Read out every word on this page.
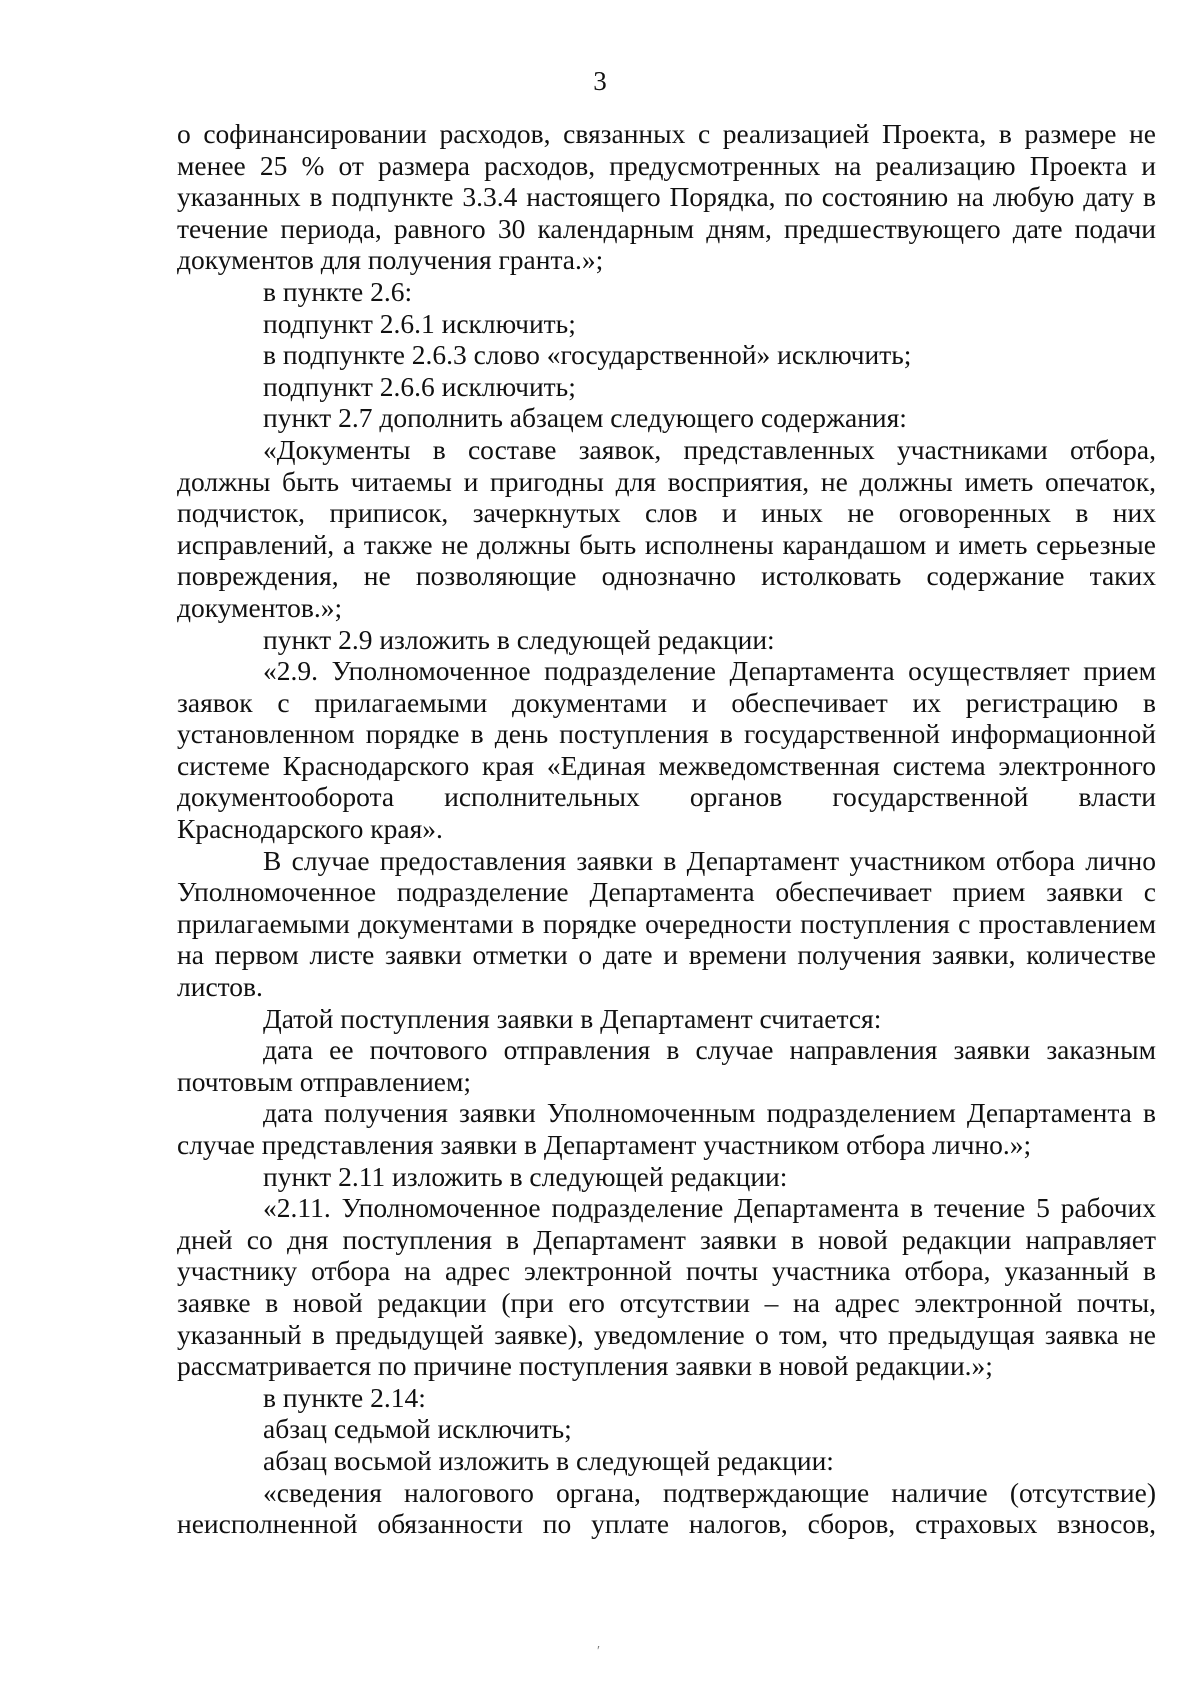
3

о софинансировании расходов, связанных с реализацией Проекта, в размере не менее 25 % от размера расходов, предусмотренных на реализацию Проекта и указанных в подпункте 3.3.4 настоящего Порядка, по состоянию на любую дату в течение периода, равного 30 календарным дням, предшествующего дате подачи документов для получения гранта.»;

в пункте 2.6:

подпункт 2.6.1 исключить;

в подпункте 2.6.3 слово «государственной» исключить;

подпункт 2.6.6 исключить;

пункт 2.7 дополнить абзацем следующего содержания:

«Документы в составе заявок, представленных участниками отбора, должны быть читаемы и пригодны для восприятия, не должны иметь опечаток, подчисток, приписок, зачеркнутых слов и иных не оговоренных в них исправлений, а также не должны быть исполнены карандашом и иметь серьезные повреждения, не позволяющие однозначно истолковать содержание таких документов.»;

пункт 2.9 изложить в следующей редакции:

«2.9. Уполномоченное подразделение Департамента осуществляет прием заявок с прилагаемыми документами и обеспечивает их регистрацию в установленном порядке в день поступления в государственной информационной системе Краснодарского края «Единая межведомственная система электронного документооборота исполнительных органов государственной власти Краснодарского края».

В случае предоставления заявки в Департамент участником отбора лично Уполномоченное подразделение Департамента обеспечивает прием заявки с прилагаемыми документами в порядке очередности поступления с проставлением на первом листе заявки отметки о дате и времени получения заявки, количестве листов.

Датой поступления заявки в Департамент считается:

дата ее почтового отправления в случае направления заявки заказным почтовым отправлением;

дата получения заявки Уполномоченным подразделением Департамента в случае представления заявки в Департамент участником отбора лично.»;

пункт 2.11 изложить в следующей редакции:

«2.11. Уполномоченное подразделение Департамента в течение 5 рабочих дней со дня поступления в Департамент заявки в новой редакции направляет участнику отбора на адрес электронной почты участника отбора, указанный в заявке в новой редакции (при его отсутствии – на адрес электронной почты, указанный в предыдущей заявке), уведомление о том, что предыдущая заявка не рассматривается по причине поступления заявки в новой редакции.»;

в пункте 2.14:

абзац седьмой исключить;

абзац восьмой изложить в следующей редакции:

«сведения налогового органа, подтверждающие наличие (отсутствие) неисполненной обязанности по уплате налогов, сборов, страховых взносов,

′
